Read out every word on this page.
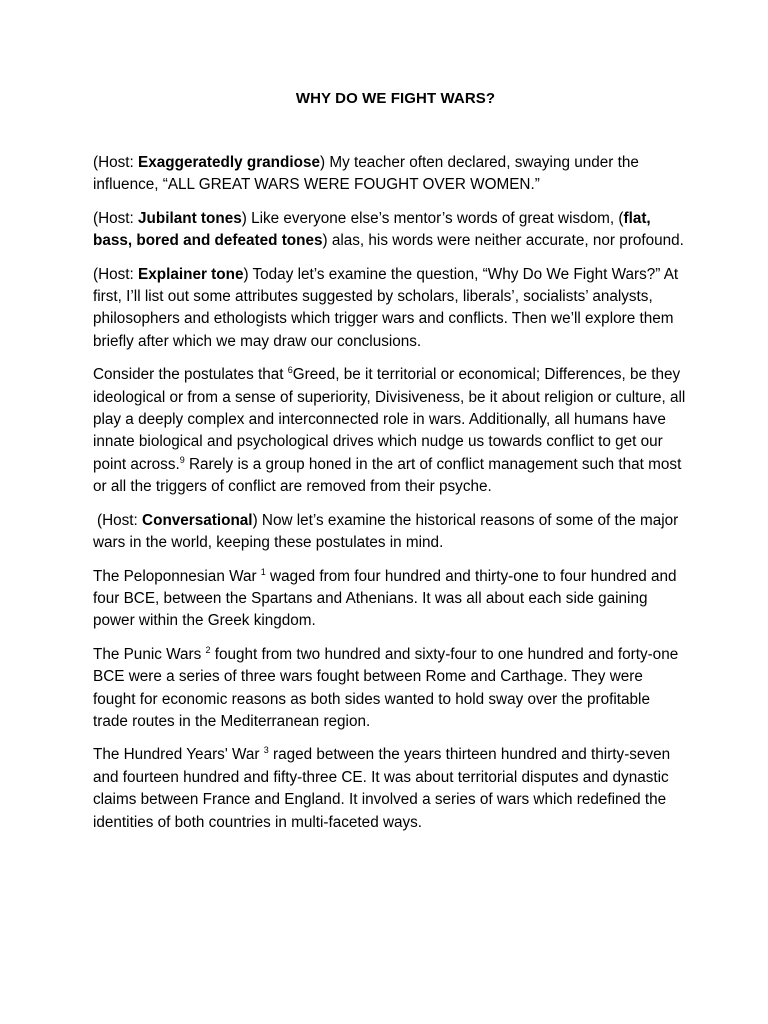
WHY DO WE FIGHT WARS?

(Host: Exaggeratedly grandiose) My teacher often declared, swaying under the influence, “ALL GREAT WARS WERE FOUGHT OVER WOMEN.”

(Host: Jubilant tones) Like everyone else’s mentor’s words of great wisdom, (flat, bass, bored and defeated tones) alas, his words were neither accurate, nor profound.

(Host: Explainer tone) Today let’s examine the question, “Why Do We Fight Wars?” At first, I’ll list out some attributes suggested by scholars, liberals’, socialists’ analysts, philosophers and ethologists which trigger wars and conflicts. Then we’ll explore them briefly after which we may draw our conclusions.

Consider the postulates that $^6$Greed, be it territorial or economical; Differences, be they ideological or from a sense of superiority, Divisiveness, be it about religion or culture, all play a deeply complex and interconnected role in wars. Additionally, all humans have innate biological and psychological drives which nudge us towards conflict to get our point across.$^9$ Rarely is a group honed in the art of conflict management such that most or all the triggers of conflict are removed from their psyche.

(Host: Conversational) Now let’s examine the historical reasons of some of the major wars in the world, keeping these postulates in mind.

The Peloponnesian War $^1$ waged from four hundred and thirty-one to four hundred and four BCE, between the Spartans and Athenians. It was all about each side gaining power within the Greek kingdom.

The Punic Wars $^2$ fought from two hundred and sixty-four to one hundred and forty-one BCE were a series of three wars fought between Rome and Carthage. They were fought for economic reasons as both sides wanted to hold sway over the profitable trade routes in the Mediterranean region.

The Hundred Years' War $^3$ raged between the years thirteen hundred and thirty-seven and fourteen hundred and fifty-three CE. It was about territorial disputes and dynastic claims between France and England. It involved a series of wars which redefined the identities of both countries in multi-faceted ways.
